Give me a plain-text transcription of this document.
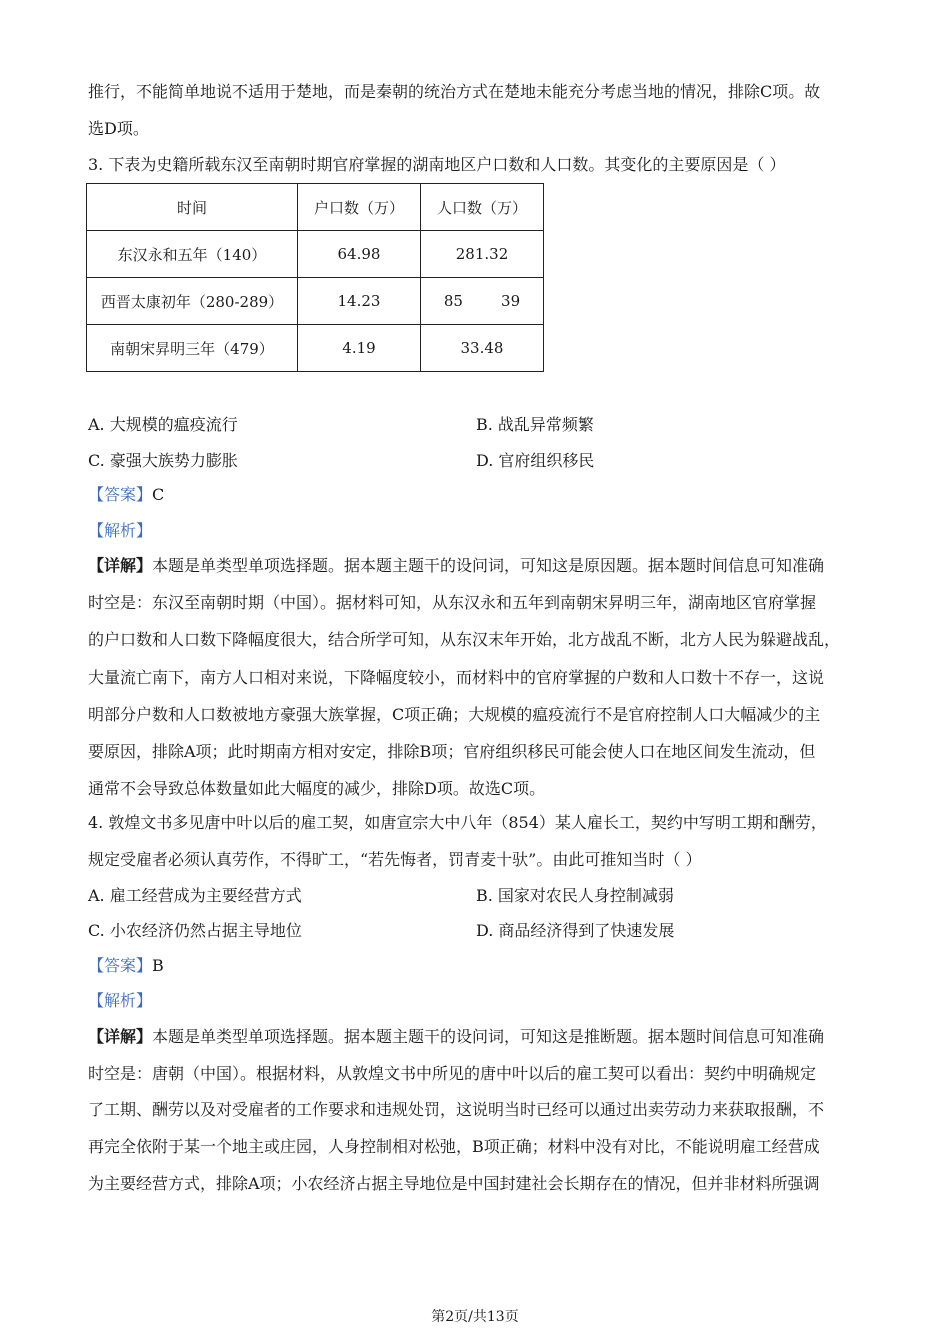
推行，不能简单地说不适用于楚地，而是秦朝的统治方式在楚地未能充分考虑当地的情况，排除C项。故
选D项。
3. 下表为史籍所载东汉至南朝时期官府掌握的湖南地区户口数和人口数。其变化的主要原因是（ ）
时间	户口数（万）	人口数（万）
东汉永和五年（140）	64.98	281.32
西晋太康初年（280-289）	14.23	85        39
南朝宋昇明三年（479）	4.19	33.48
A. 大规模的瘟疫流行	B. 战乱异常频繁
C. 豪强大族势力膨胀	D. 官府组织移民
【答案】C
【解析】
【详解】本题是单类型单项选择题。据本题主题干的设问词，可知这是原因题。据本题时间信息可知准确
时空是：东汉至南朝时期（中国）。据材料可知，从东汉永和五年到南朝宋昇明三年，湖南地区官府掌握
的户口数和人口数下降幅度很大，结合所学可知，从东汉末年开始，北方战乱不断，北方人民为躲避战乱，
大量流亡南下，南方人口相对来说，下降幅度较小，而材料中的官府掌握的户数和人口数十不存一，这说
明部分户数和人口数被地方豪强大族掌握，C项正确；大规模的瘟疫流行不是官府控制人口大幅减少的主
要原因，排除A项；此时期南方相对安定，排除B项；官府组织移民可能会使人口在地区间发生流动，但
通常不会导致总体数量如此大幅度的减少，排除D项。故选C项。
4. 敦煌文书多见唐中叶以后的雇工契，如唐宣宗大中八年（854）某人雇长工，契约中写明工期和酬劳，
规定受雇者必须认真劳作，不得旷工，“若先悔者，罚青麦十驮”。由此可推知当时（ ）
A. 雇工经营成为主要经营方式	B. 国家对农民人身控制减弱
C. 小农经济仍然占据主导地位	D. 商品经济得到了快速发展
【答案】B
【解析】
【详解】本题是单类型单项选择题。据本题主题干的设问词，可知这是推断题。据本题时间信息可知准确
时空是：唐朝（中国）。根据材料，从敦煌文书中所见的唐中叶以后的雇工契可以看出：契约中明确规定
了工期、酬劳以及对受雇者的工作要求和违规处罚，这说明当时已经可以通过出卖劳动力来获取报酬，不
再完全依附于某一个地主或庄园，人身控制相对松弛，B项正确；材料中没有对比，不能说明雇工经营成
为主要经营方式，排除A项；小农经济占据主导地位是中国封建社会长期存在的情况，但并非材料所强调
第2页/共13页
